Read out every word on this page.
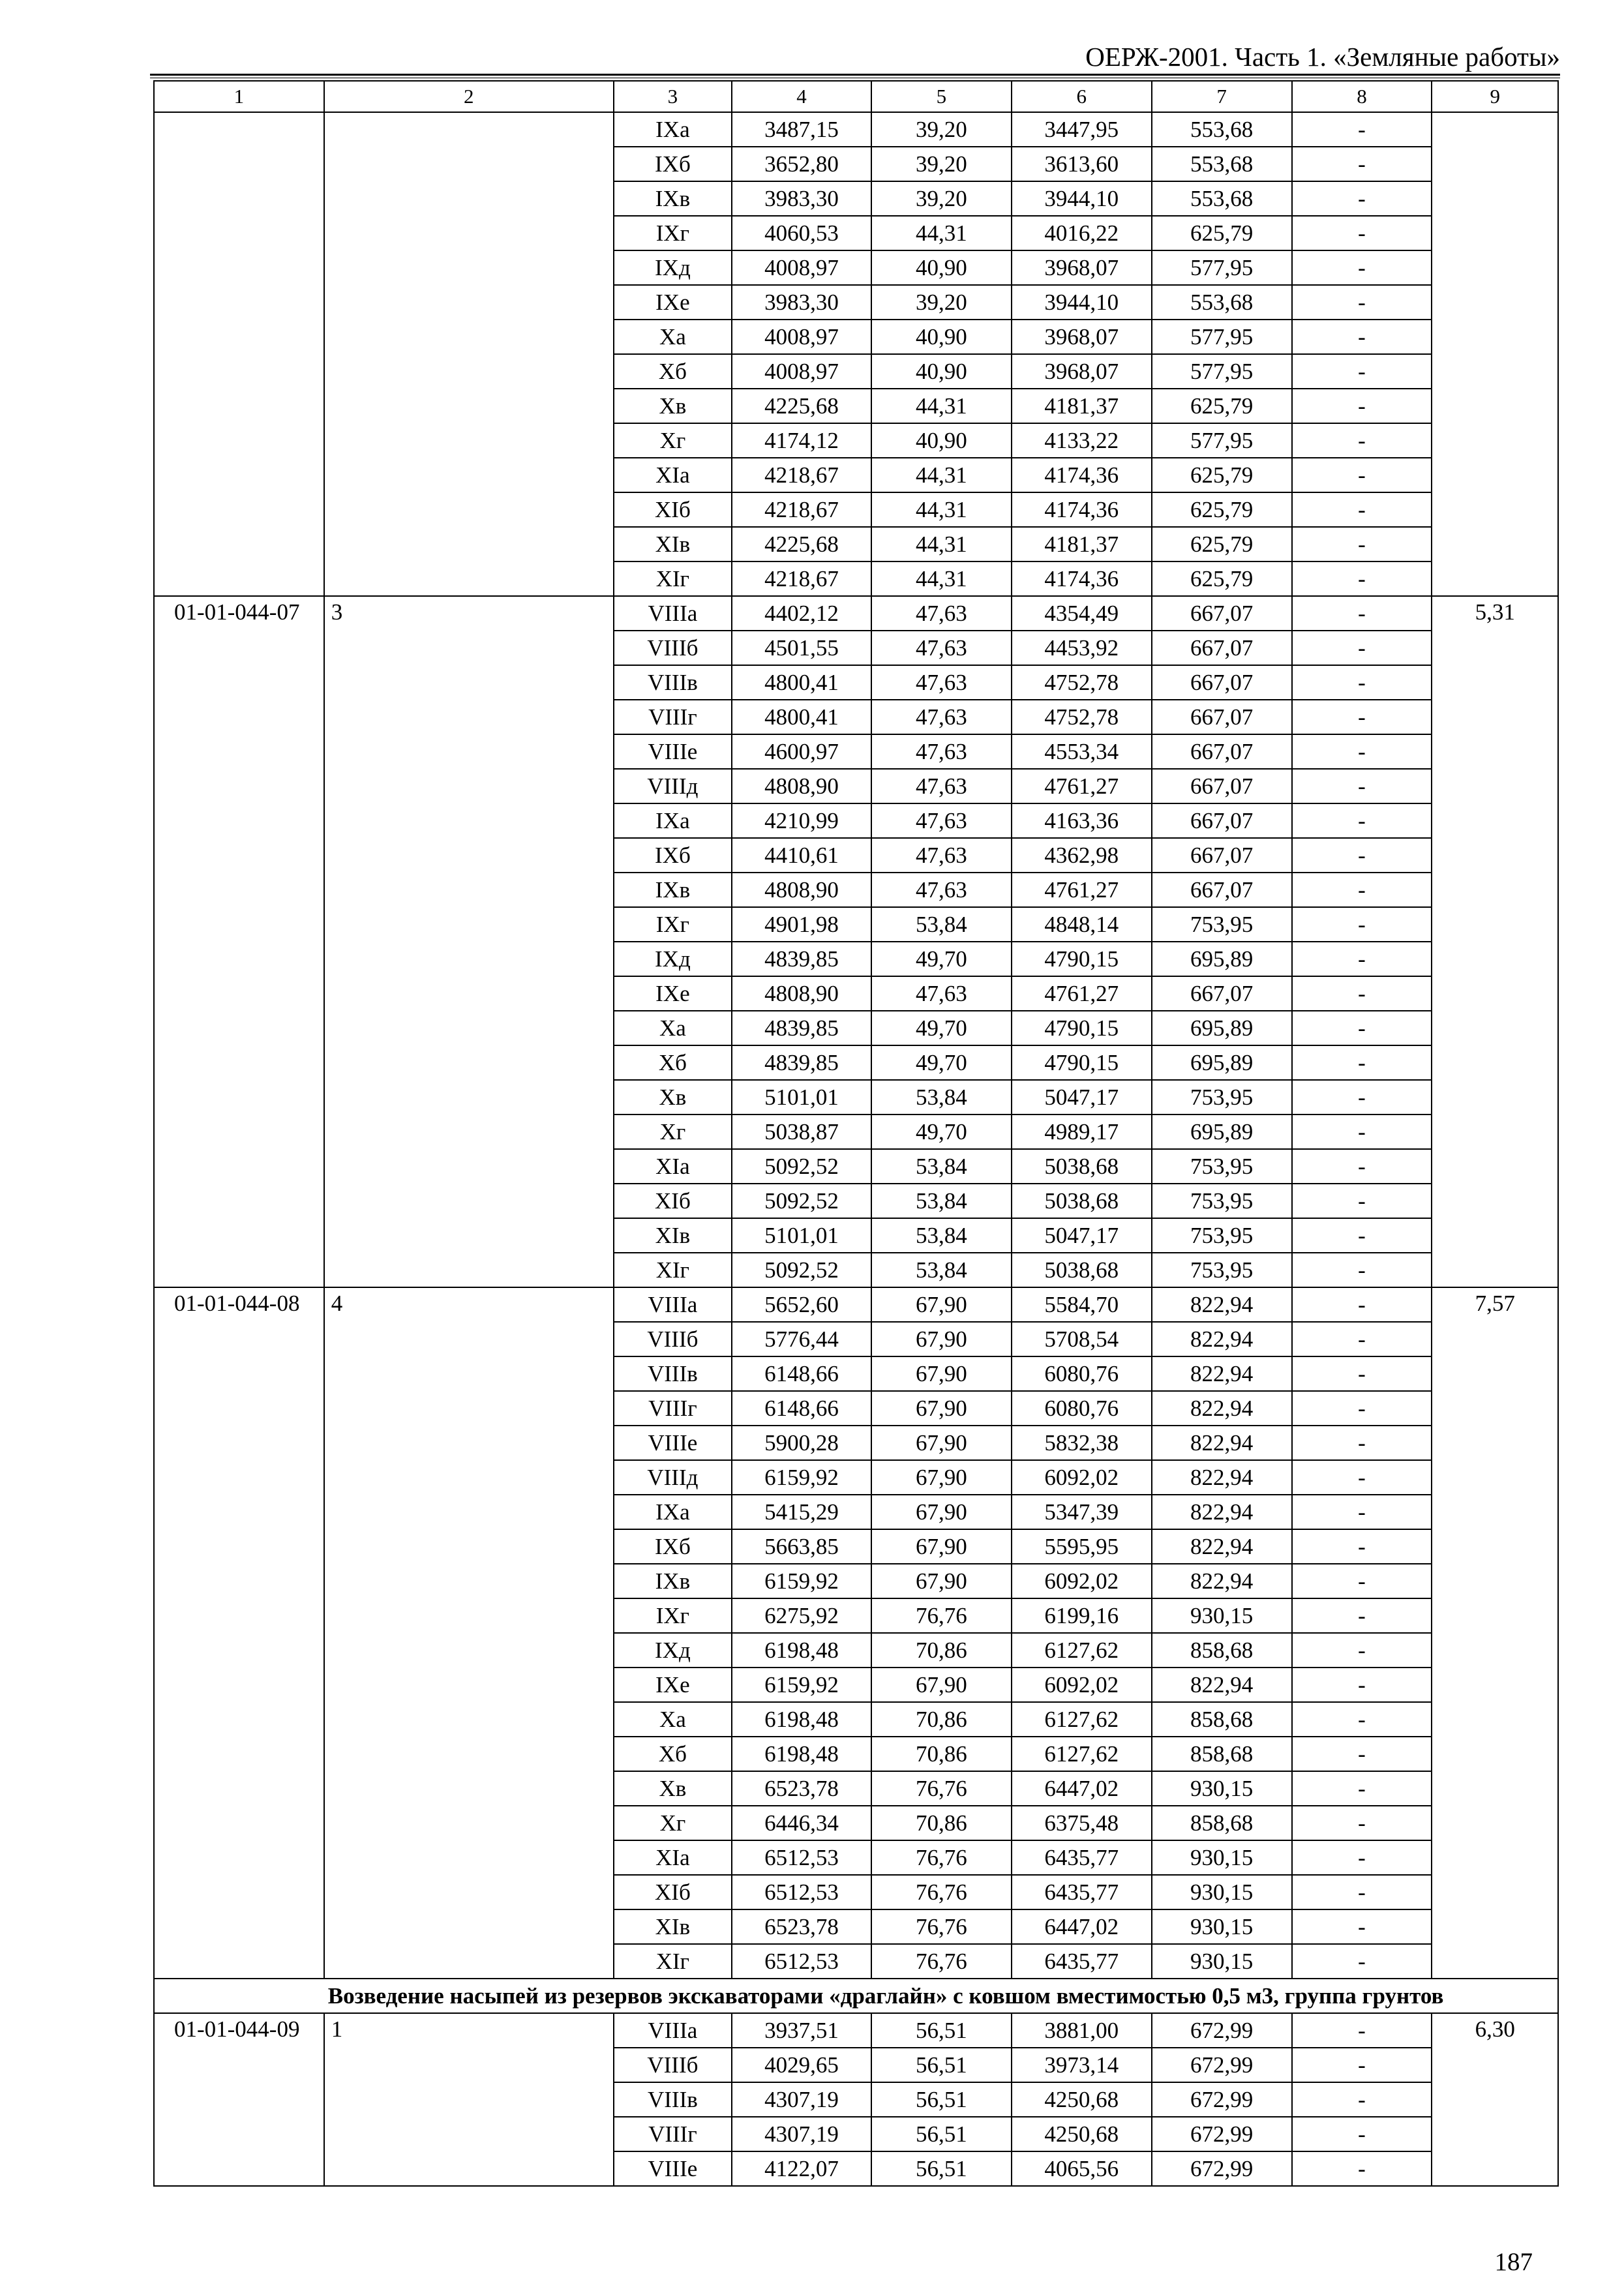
ОЕРЖ-2001. Часть 1. «Земляные работы»
1	2	3	4	5	6	7	8	9
		IXа	3487,15	39,20	3447,95	553,68	-	
		IXб	3652,80	39,20	3613,60	553,68	-	
		IXв	3983,30	39,20	3944,10	553,68	-	
		IXг	4060,53	44,31	4016,22	625,79	-	
		IXд	4008,97	40,90	3968,07	577,95	-	
		IXе	3983,30	39,20	3944,10	553,68	-	
		Xа	4008,97	40,90	3968,07	577,95	-	
		Xб	4008,97	40,90	3968,07	577,95	-	
		Xв	4225,68	44,31	4181,37	625,79	-	
		Xг	4174,12	40,90	4133,22	577,95	-	
		XIа	4218,67	44,31	4174,36	625,79	-	
		XIб	4218,67	44,31	4174,36	625,79	-	
		XIв	4225,68	44,31	4181,37	625,79	-	
		XIг	4218,67	44,31	4174,36	625,79	-	
01-01-044-07	3	VIIIа	4402,12	47,63	4354,49	667,07	-	5,31
		VIIIб	4501,55	47,63	4453,92	667,07	-	
		VIIIв	4800,41	47,63	4752,78	667,07	-	
		VIIIг	4800,41	47,63	4752,78	667,07	-	
		VIIIе	4600,97	47,63	4553,34	667,07	-	
		VIIIд	4808,90	47,63	4761,27	667,07	-	
		IXа	4210,99	47,63	4163,36	667,07	-	
		IXб	4410,61	47,63	4362,98	667,07	-	
		IXв	4808,90	47,63	4761,27	667,07	-	
		IXг	4901,98	53,84	4848,14	753,95	-	
		IXд	4839,85	49,70	4790,15	695,89	-	
		IXе	4808,90	47,63	4761,27	667,07	-	
		Xа	4839,85	49,70	4790,15	695,89	-	
		Xб	4839,85	49,70	4790,15	695,89	-	
		Xв	5101,01	53,84	5047,17	753,95	-	
		Xг	5038,87	49,70	4989,17	695,89	-	
		XIа	5092,52	53,84	5038,68	753,95	-	
		XIб	5092,52	53,84	5038,68	753,95	-	
		XIв	5101,01	53,84	5047,17	753,95	-	
		XIг	5092,52	53,84	5038,68	753,95	-	
01-01-044-08	4	VIIIа	5652,60	67,90	5584,70	822,94	-	7,57
		VIIIб	5776,44	67,90	5708,54	822,94	-	
		VIIIв	6148,66	67,90	6080,76	822,94	-	
		VIIIг	6148,66	67,90	6080,76	822,94	-	
		VIIIе	5900,28	67,90	5832,38	822,94	-	
		VIIIд	6159,92	67,90	6092,02	822,94	-	
		IXа	5415,29	67,90	5347,39	822,94	-	
		IXб	5663,85	67,90	5595,95	822,94	-	
		IXв	6159,92	67,90	6092,02	822,94	-	
		IXг	6275,92	76,76	6199,16	930,15	-	
		IXд	6198,48	70,86	6127,62	858,68	-	
		IXе	6159,92	67,90	6092,02	822,94	-	
		Xа	6198,48	70,86	6127,62	858,68	-	
		Xб	6198,48	70,86	6127,62	858,68	-	
		Xв	6523,78	76,76	6447,02	930,15	-	
		Xг	6446,34	70,86	6375,48	858,68	-	
		XIа	6512,53	76,76	6435,77	930,15	-	
		XIб	6512,53	76,76	6435,77	930,15	-	
		XIв	6523,78	76,76	6447,02	930,15	-	
		XIг	6512,53	76,76	6435,77	930,15	-	
	Возведение насыпей из резервов экскаваторами «драглайн» с ковшом вместимостью 0,5 м3, группа грунтов							
01-01-044-09	1	VIIIа	3937,51	56,51	3881,00	672,99	-	6,30
		VIIIб	4029,65	56,51	3973,14	672,99	-	
		VIIIв	4307,19	56,51	4250,68	672,99	-	
		VIIIг	4307,19	56,51	4250,68	672,99	-	
		VIIIе	4122,07	56,51	4065,56	672,99	-	
187
